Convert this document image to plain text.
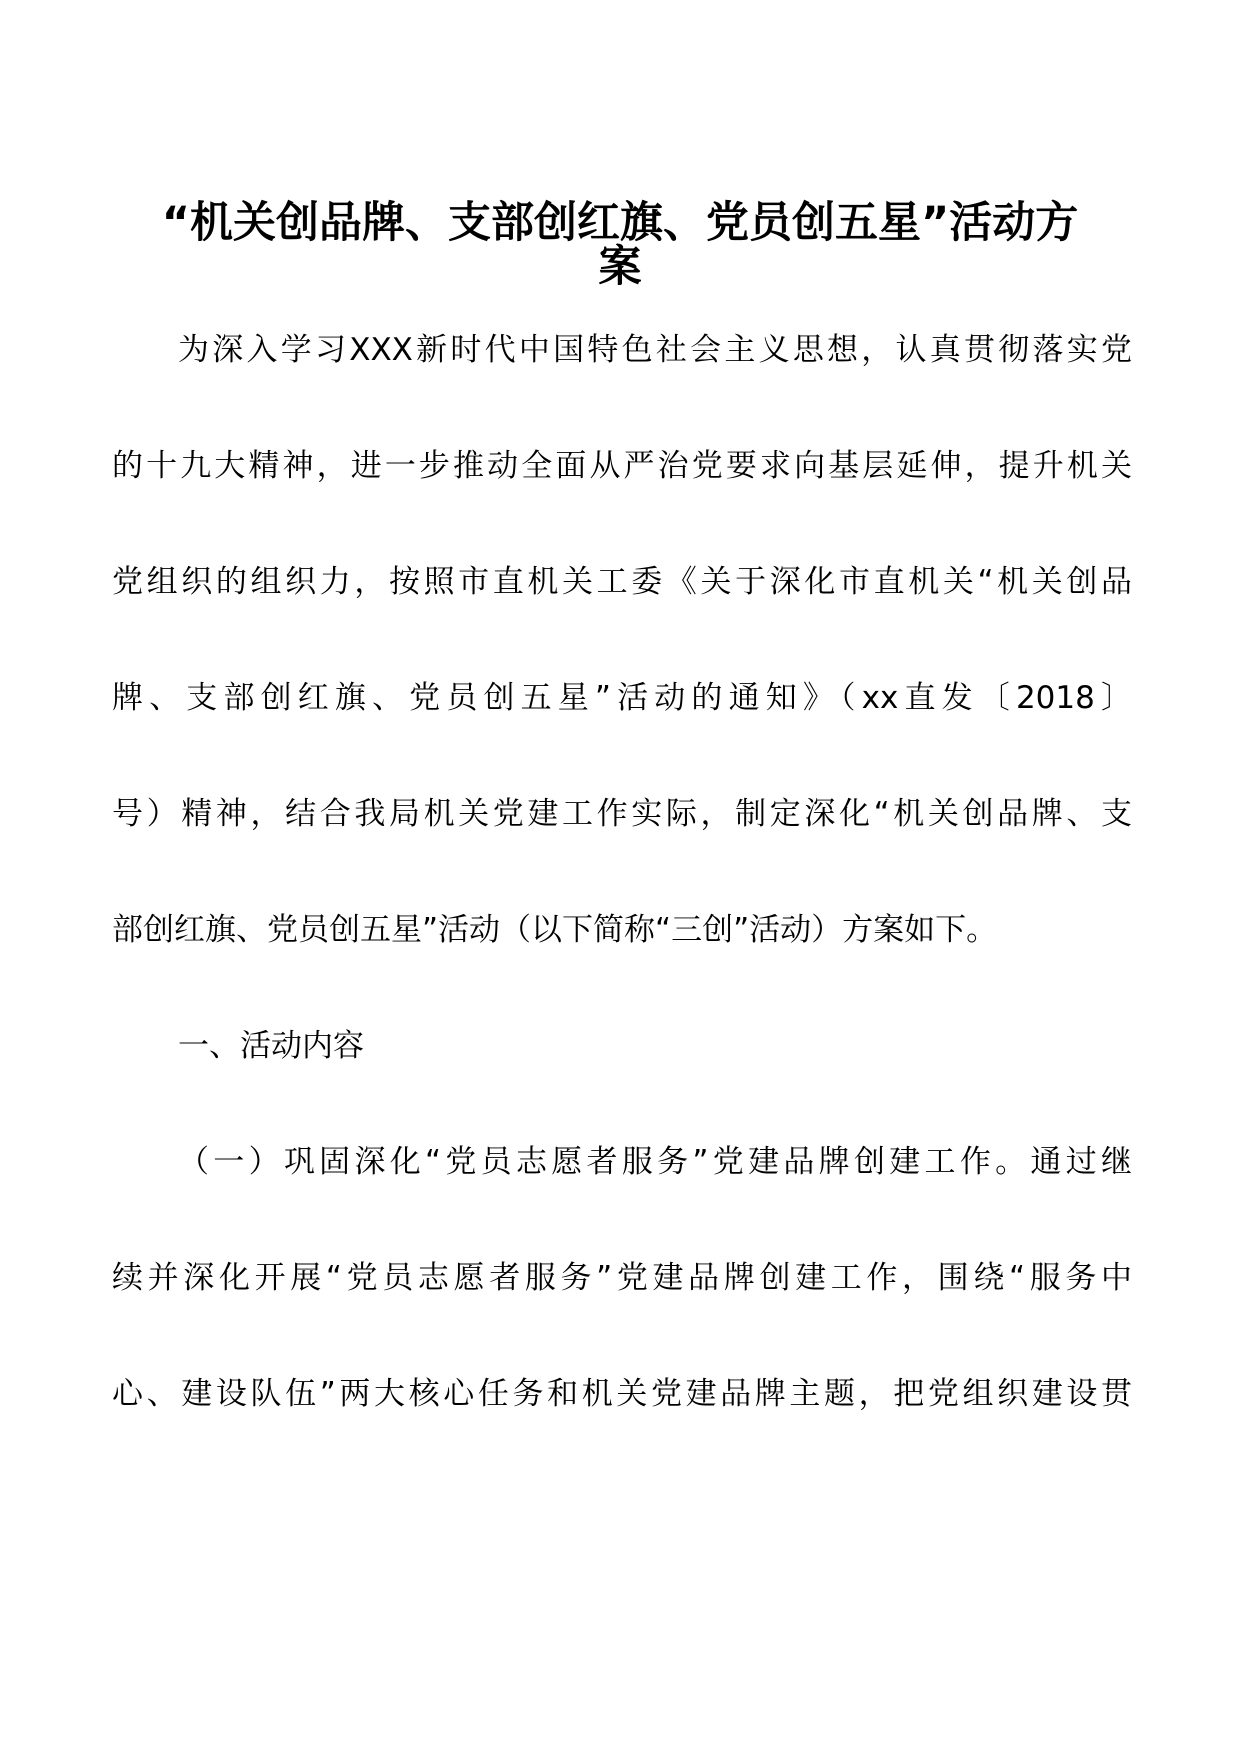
“机关创品牌、支部创红旗、党员创五星”活动方
案
为深入学习XXX新时代中国特色社会主义思想，认真贯彻落实党
的十九大精神，进一步推动全面从严治党要求向基层延伸，提升机关
党组织的组织力，按照市直机关工委《关于深化市直机关“机关创品
牌、支部创红旗、党员创五星”活动的通知》（xx直发〔2018〕
号）精神，结合我局机关党建工作实际，制定深化“机关创品牌、支
部创红旗、党员创五星”活动（以下简称“三创”活动）方案如下。
一、活动内容
（一）巩固深化“党员志愿者服务”党建品牌创建工作。通过继
续并深化开展“党员志愿者服务”党建品牌创建工作，围绕“服务中
心、建设队伍”两大核心任务和机关党建品牌主题，把党组织建设贯
